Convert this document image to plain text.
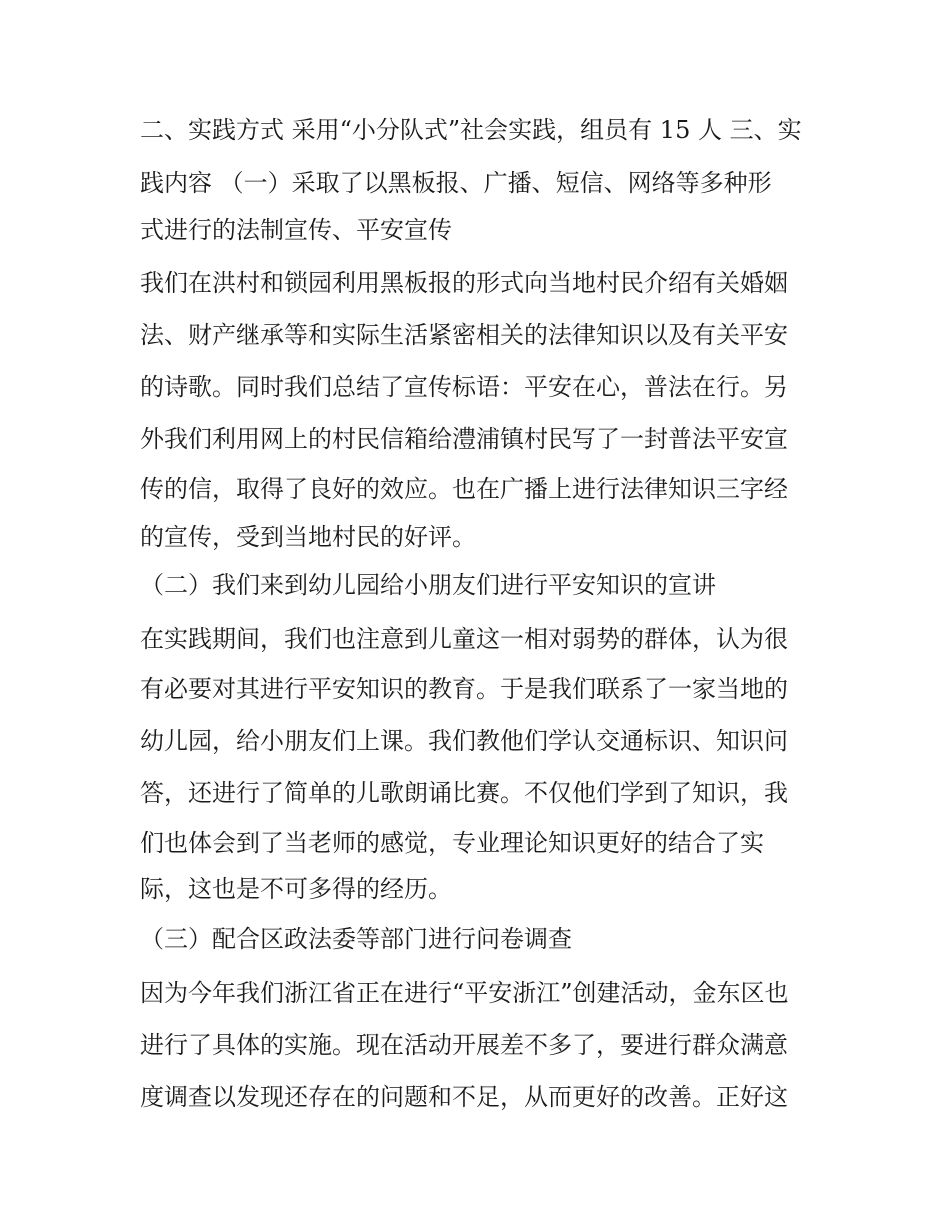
二、实践方式 采用“小分队式”社会实践，组员有 15 人 三、实

践内容 （一）采取了以黑板报、广播、短信、网络等多种形

式进行的法制宣传、平安宣传

我们在洪村和锁园利用黑板报的形式向当地村民介绍有关婚姻

法、财产继承等和实际生活紧密相关的法律知识以及有关平安

的诗歌。同时我们总结了宣传标语：平安在心，普法在行。另

外我们利用网上的村民信箱给澧浦镇村民写了一封普法平安宣

传的信，取得了良好的效应。也在广播上进行法律知识三字经

的宣传，受到当地村民的好评。

（二）我们来到幼儿园给小朋友们进行平安知识的宣讲

在实践期间，我们也注意到儿童这一相对弱势的群体，认为很

有必要对其进行平安知识的教育。于是我们联系了一家当地的

幼儿园，给小朋友们上课。我们教他们学认交通标识、知识问

答，还进行了简单的儿歌朗诵比赛。不仅他们学到了知识，我

们也体会到了当老师的感觉，专业理论知识更好的结合了实

际，这也是不可多得的经历。

（三）配合区政法委等部门进行问卷调查

因为今年我们浙江省正在进行“平安浙江”创建活动，金东区也

进行了具体的实施。现在活动开展差不多了，要进行群众满意

度调查以发现还存在的问题和不足，从而更好的改善。正好这
